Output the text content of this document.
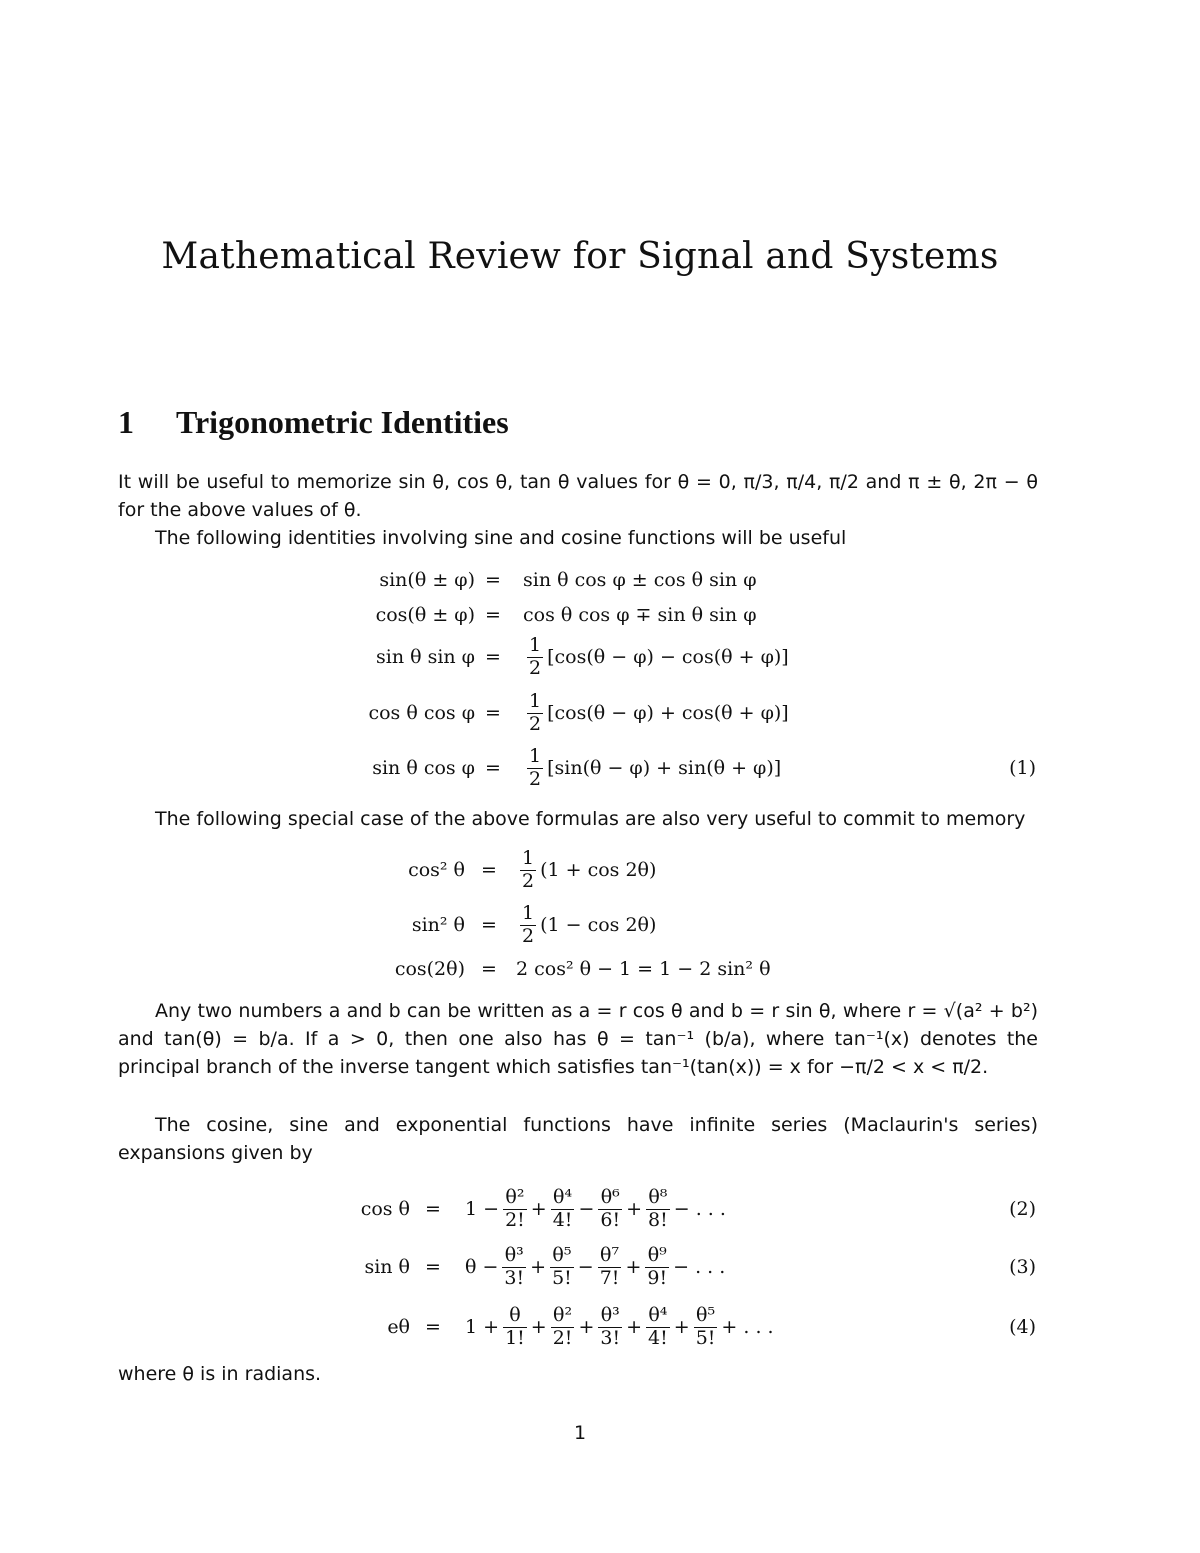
Mathematical Review for Signal and Systems
1 Trigonometric Identities
It will be useful to memorize sin θ, cos θ, tan θ values for θ = 0, π/3, π/4, π/2 and π ± θ, 2π − θ for the above values of θ.
The following identities involving sine and cosine functions will be useful
sin(θ ± φ) =	sin θ cos φ ± cos θ sin φ
cos(θ ± φ) =	cos θ cos φ ∓ sin θ sin φ
sin θ sin φ =	$\frac{1}{2} [\cos(\theta - \varphi) - \cos(\theta + \varphi)]$
cos θ cos φ =	$\frac{1}{2} [\cos(\theta - \varphi) + \cos(\theta + \varphi)]$
sin θ cos φ =	$\frac{1}{2} [\sin(\theta - \varphi) + \sin(\theta + \varphi)]$	(1)
The following special case of the above formulas are also very useful to commit to memory
cos² θ =	$\frac{1}{2} (1 + \cos 2\theta)$
sin² θ =	$\frac{1}{2} (1 - \cos 2\theta)$
cos(2θ) =	2 cos² θ − 1 = 1 − 2 sin² θ
Any two numbers a and b can be written as a = r cos θ and b = r sin θ, where r = √(a² + b²) and tan(θ) = b/a. If a > 0, then one also has θ = tan⁻¹ (b/a), where tan⁻¹(x) denotes the principal branch of the inverse tangent which satisfies tan⁻¹(tan(x)) = x for −π/2 < x < π/2.
The cosine, sine and exponential functions have infinite series (Maclaurin's series) expansions given by
cos θ =	$1 - \frac{\text{θ²}}{2!} + \frac{\text{θ⁴}}{4!} - \frac{\text{θ⁶}}{6!} + \frac{\text{θ⁸}}{8!}$ − . . .	(2)
sin θ =	$\theta - \frac{\text{θ³}}{3!} + \frac{\text{θ⁵}}{5!} - \frac{\text{θ⁷}}{7!} + \frac{\text{θ⁹}}{9!}$ − . . .	(3)
eθ =	$1 + \frac{\theta}{1!} + \frac{\text{θ²}}{2!} + \frac{\text{θ³}}{3!} + \frac{\text{θ⁴}}{4!} + \frac{\text{θ⁵}}{5!}$ + . . .	(4)
where θ is in radians.
1
